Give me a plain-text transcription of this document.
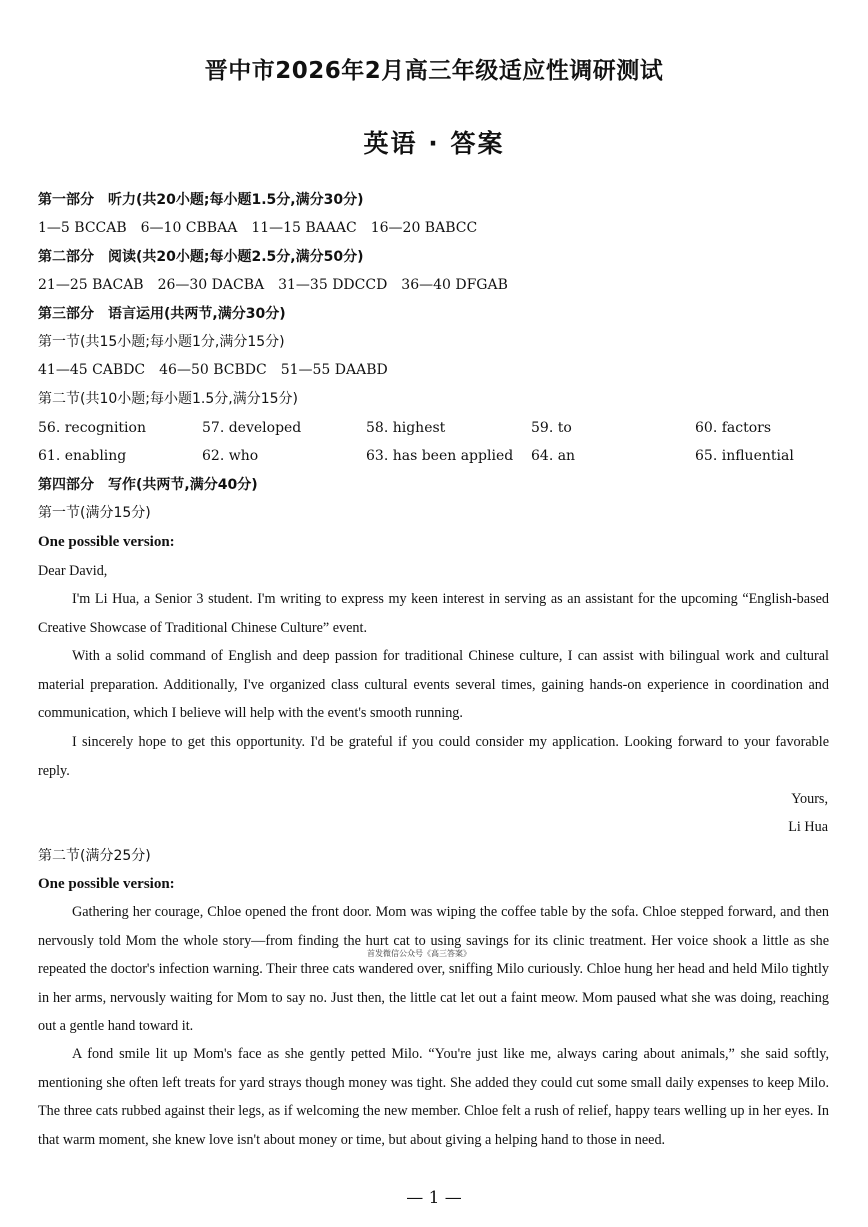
晋中市2026年2月高三年级适应性调研测试
英语 · 答案
第一部分　听力(共20小题;每小题1.5分,满分30分)
1—5 BCCAB　6—10 CBBAA　11—15 BAAAC　16—20 BABCC
第二部分　阅读(共20小题;每小题2.5分,满分50分)
21—25 BACAB　26—30 DACBA　31—35 DDCCD　36—40 DFGAB
第三部分　语言运用(共两节,满分30分)
第一节(共15小题;每小题1分,满分15分)
41—45 CABDC　46—50 BCBDC　51—55 DAABD
第二节(共10小题;每小题1.5分,满分15分)
56. recognition	57. developed	58. highest	59. to	60. factors
61. enabling	62. who	63. has been applied 64. an	65. influential
第四部分　写作(共两节,满分40分)
第一节(满分15分)
One possible version:
Dear David,
I'm Li Hua, a Senior 3 student. I'm writing to express my keen interest in serving as an assistant for the upcoming “English-based Creative Showcase of Traditional Chinese Culture” event.
With a solid command of English and deep passion for traditional Chinese culture, I can assist with bilingual work and cultural material preparation. Additionally, I've organized class cultural events several times, gaining hands-on experience in coordination and communication, which I believe will help with the event's smooth running.
I sincerely hope to get this opportunity. I'd be grateful if you could consider my application. Looking forward to your favorable reply.
Yours,
Li Hua
第二节(满分25分)
One possible version:
Gathering her courage, Chloe opened the front door. Mom was wiping the coffee table by the sofa. Chloe stepped forward, and then nervously told Mom the whole story—from finding the hurt cat to using savings for its clinic treatment. Her voice shook a little as she repeated the doctor's infection warning. Their three cats wandered over, sniffing Milo curiously. Chloe hung her head and held Milo tightly in her arms, nervously waiting for Mom to say no. Just then, the little cat let out a faint meow. Mom paused what she was doing, reaching out a gentle hand toward it.
首发微信公众号《高三答案》
A fond smile lit up Mom's face as she gently petted Milo. “You're just like me, always caring about animals,” she said softly, mentioning she often left treats for yard strays though money was tight. She added they could cut some small daily expenses to keep Milo. The three cats rubbed against their legs, as if welcoming the new member. Chloe felt a rush of relief, happy tears welling up in her eyes. In that warm moment, she knew love isn't about money or time, but about giving a helping hand to those in need.
— 1 —
